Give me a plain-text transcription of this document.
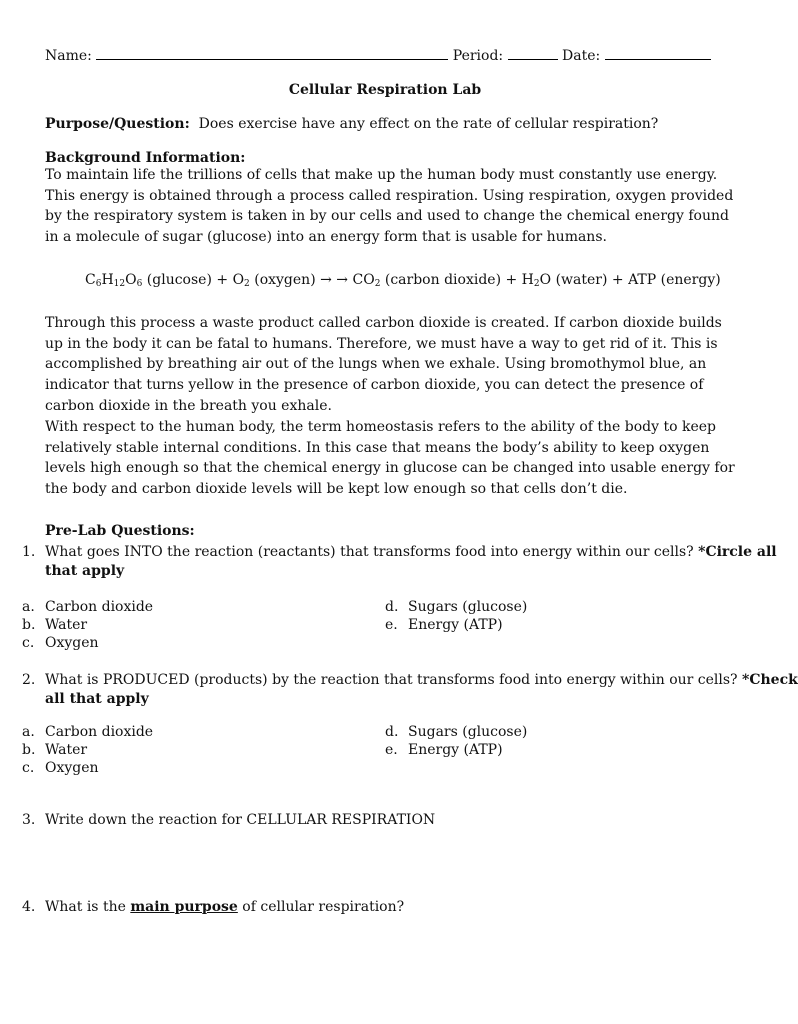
Name:	Period:	Date:
Cellular Respiration Lab
Purpose/Question: Does exercise have any effect on the rate of cellular respiration?
Background Information:

To maintain life the trillions of cells that make up the human body must constantly use energy. This energy is obtained through a process called respiration. Using respiration, oxygen provided by the respiratory system is taken in by our cells and used to change the chemical energy found in a molecule of sugar (glucose) into an energy form that is usable for humans.

$C_6H_{12}O_6$ $(glucose) + O_2$ (oxygen) → → $CO_2$ (carbon dioxide) + $H_2O$ (water) + ATP (energy)

Through this process a waste product called carbon dioxide is created. If carbon dioxide builds up in the body it can be fatal to humans. Therefore, we must have a way to get rid of it. This is accomplished by breathing air out of the lungs when we exhale. Using bromothymol blue, an indicator that turns yellow in the presence of carbon dioxide, you can detect the presence of carbon dioxide in the breath you exhale.

With respect to the human body, the term homeostasis refers to the ability of the body to keep relatively stable internal conditions. In this case that means the body’s ability to keep oxygen levels high enough so that the chemical energy in glucose can be changed into usable energy for the body and carbon dioxide levels will be kept low enough so that cells don’t die.

Pre-Lab Questions:
1. What goes INTO the reaction (reactants) that transforms food into energy within our cells? *Circle all
that apply
a. Carbon dioxide
b. Water
c. Oxygen
d. Sugars (glucose)
e. Energy (ATP)
2. What is PRODUCED (products) by the reaction that transforms food into energy within our cells? *Check
all that apply
a. Carbon dioxide
b. Water
c. Oxygen
d. Sugars (glucose)
e. Energy (ATP)
3. Write down the reaction for CELLULAR RESPIRATION
4. What is the main purpose of cellular respiration?
